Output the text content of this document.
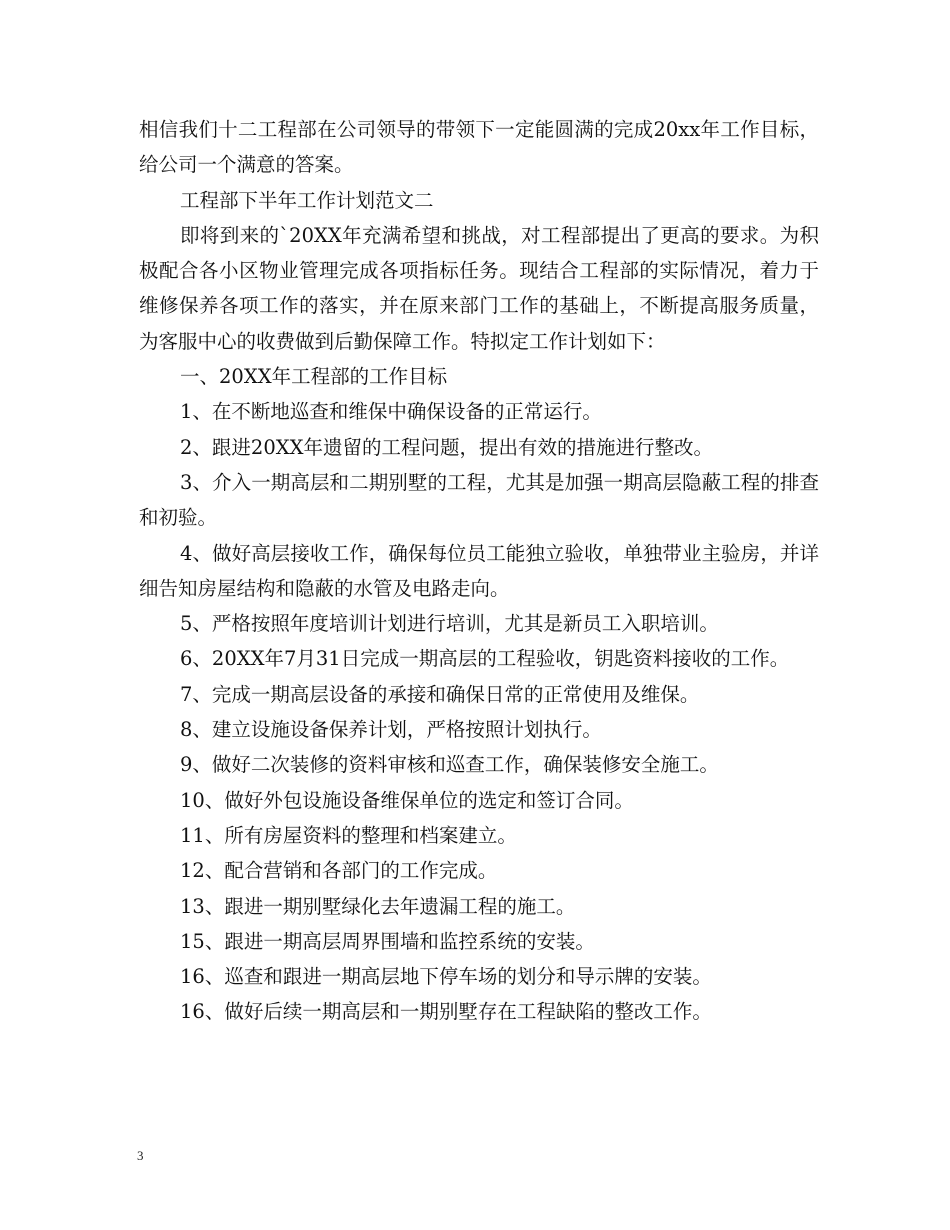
相信我们十二工程部在公司领导的带领下一定能圆满的完成20xx年工作目标，给公司一个满意的答案。

工程部下半年工作计划范文二

即将到来的`20XX年充满希望和挑战，对工程部提出了更高的要求。为积极配合各小区物业管理完成各项指标任务。现结合工程部的实际情况，着力于维修保养各项工作的落实，并在原来部门工作的基础上，不断提高服务质量，为客服中心的收费做到后勤保障工作。特拟定工作计划如下：

一、20XX年工程部的工作目标

1、在不断地巡查和维保中确保设备的正常运行。

2、跟进20XX年遗留的工程问题，提出有效的措施进行整改。

3、介入一期高层和二期别墅的工程，尤其是加强一期高层隐蔽工程的排查和初验。

4、做好高层接收工作，确保每位员工能独立验收，单独带业主验房，并详细告知房屋结构和隐蔽的水管及电路走向。

5、严格按照年度培训计划进行培训，尤其是新员工入职培训。

6、20XX年7月31日完成一期高层的工程验收，钥匙资料接收的工作。

7、完成一期高层设备的承接和确保日常的正常使用及维保。

8、建立设施设备保养计划，严格按照计划执行。

9、做好二次装修的资料审核和巡查工作，确保装修安全施工。

10、做好外包设施设备维保单位的选定和签订合同。

11、所有房屋资料的整理和档案建立。

12、配合营销和各部门的工作完成。

13、跟进一期别墅绿化去年遗漏工程的施工。

15、跟进一期高层周界围墙和监控系统的安装。

16、巡查和跟进一期高层地下停车场的划分和导示牌的安装。

16、做好后续一期高层和一期别墅存在工程缺陷的整改工作。

3
